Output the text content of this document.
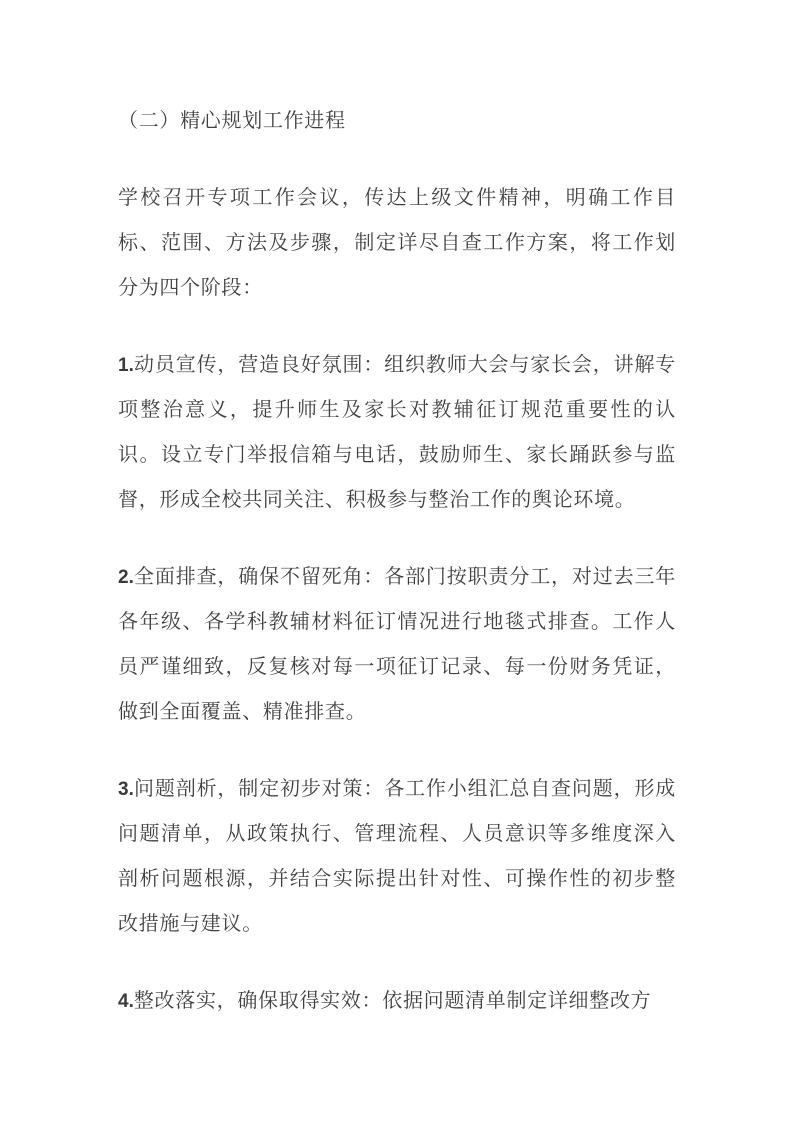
（二）精心规划工作进程

学校召开专项工作会议，传达上级文件精神，明确工作目标、范围、方法及步骤，制定详尽自查工作方案，将工作划分为四个阶段：

1.动员宣传，营造良好氛围：组织教师大会与家长会，讲解专项整治意义，提升师生及家长对教辅征订规范重要性的认识。设立专门举报信箱与电话，鼓励师生、家长踊跃参与监督，形成全校共同关注、积极参与整治工作的舆论环境。

2.全面排查，确保不留死角：各部门按职责分工，对过去三年各年级、各学科教辅材料征订情况进行地毯式排查。工作人员严谨细致，反复核对每一项征订记录、每一份财务凭证，做到全面覆盖、精准排查。

3.问题剖析，制定初步对策：各工作小组汇总自查问题，形成问题清单，从政策执行、管理流程、人员意识等多维度深入剖析问题根源，并结合实际提出针对性、可操作性的初步整改措施与建议。

4.整改落实，确保取得实效：依据问题清单制定详细整改方
